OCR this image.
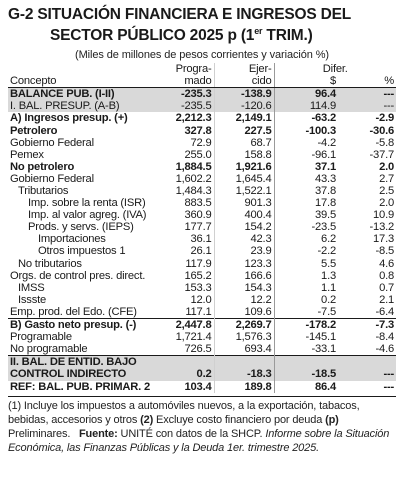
G-2 SITUACIÓN FINANCIERA E INGRESOS DEL
SECTOR PÚBLICO 2025 p (1er TRIM.)
(Miles de millones de pesos corrientes y variación %)
	Progra-	Ejer-	Difer.	
Concepto	mado	cido	$	%
BALANCE PUB. (I-II)	-235.3	-138.9	96.4	---
I. BAL. PRESUP. (A-B)	-235.5	-120.6	114.9	---
A) Ingresos presup. (+)	2,212.3	2,149.1	-63.2	-2.9
Petrolero	327.8	227.5	-100.3	-30.6
Gobierno Federal	72.9	68.7	-4.2	-5.8
Pemex	255.0	158.8	-96.1	-37.7
No petrolero	1,884.5	1,921.6	37.1	2.0
Gobierno Federal	1,602.2	1,645.4	43.3	2.7
Tributarios	1,484.3	1,522.1	37.8	2.5
Imp. sobre la renta (ISR)	883.5	901.3	17.8	2.0
Imp. al valor agreg. (IVA)	360.9	400.4	39.5	10.9
Prods. y servs. (IEPS)	177.7	154.2	-23.5	-13.2
Importaciones	36.1	42.3	6.2	17.3
Otros impuestos 1	26.1	23.9	-2.2	-8.5
No tributarios	117.9	123.3	5.5	4.6
Orgs. de control pres. direct.	165.2	166.6	1.3	0.8
IMSS	153.3	154.3	1.1	0.7
Issste	12.0	12.2	0.2	2.1
Emp. prod. del Edo. (CFE)	117.1	109.6	-7.5	-6.4
B) Gasto neto presup. (-)	2,447.8	2,269.7	-178.2	-7.3
Programable	1,721.4	1,576.3	-145.1	-8.4
No programable	726.5	693.4	-33.1	-4.6
II. BAL. DE ENTID. BAJO				
CONTROL INDIRECTO	0.2	-18.3	-18.5	---
REF: BAL. PUB. PRIMAR. 2	103.4	189.8	86.4	---
(1) Incluye los impuestos a automóviles nuevos, a la exportación, tabacos, bebidas, accesorios y otros (2) Excluye costo financiero por deuda (p) Preliminares. Fuente: UNITÉ con datos de la SHCP. Informe sobre la Situación Económica, las Finanzas Públicas y la Deuda 1er. trimestre 2025.
